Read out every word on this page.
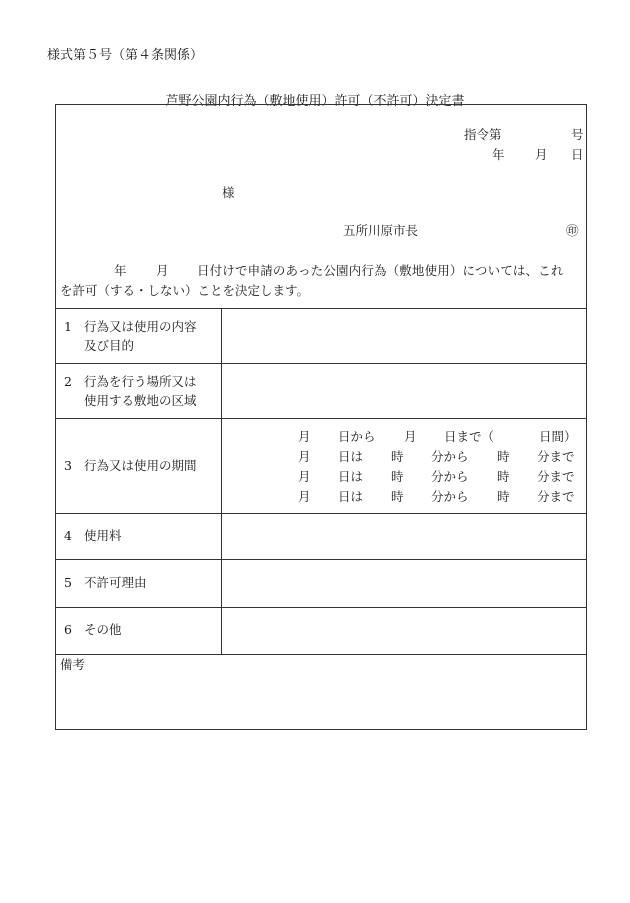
様式第５号（第４条関係）
芦野公園内行為（敷地使用）許可（不許可）決定書
指令第	号
年 月 日
様
五所川原市長	㊞
年 月 日付けで申請のあった公園内行為（敷地使用）については、これ
を許可（する・しない）ことを決定します。
1 行為又は使用の内容
及び目的
2 行為を行う場所又は
使用する敷地の区域
3 行為又は使用の期間
月 日から 月 日まで（	日間）
月 日は 時 分から 時 分まで
月 日は 時 分から 時 分まで
月 日は 時 分から 時 分まで
4 使用料
5 不許可理由
6 その他
備考
